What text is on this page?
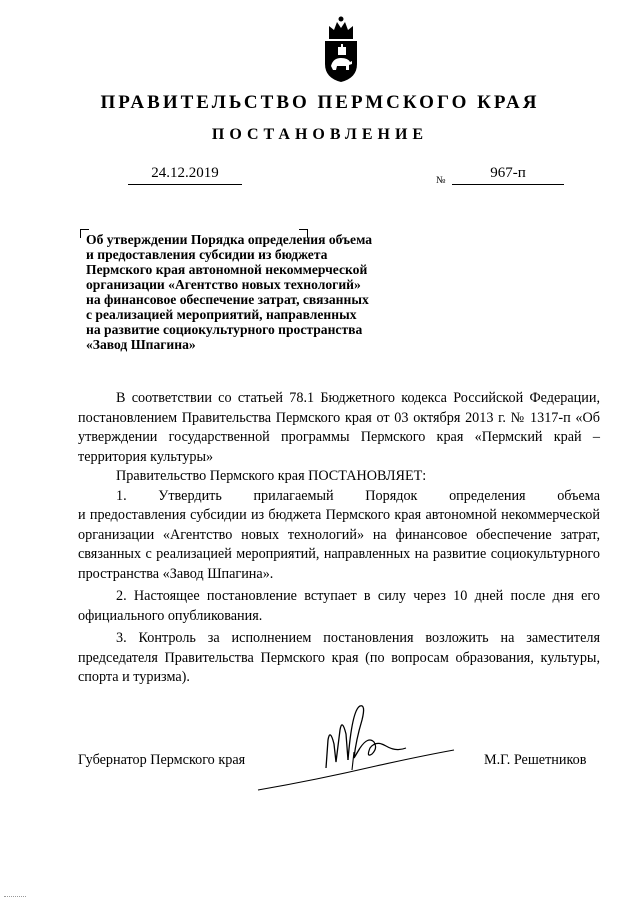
ПРАВИТЕЛЬСТВО ПЕРМСКОГО КРАЯ
ПОСТАНОВЛЕНИЕ
24.12.2019	№	967-п
Об утверждении Порядка определения объема
и предоставления субсидии из бюджета
Пермского края автономной некоммерческой
организации «Агентство новых технологий»
на финансовое обеспечение затрат, связанных
с реализацией мероприятий, направленных
на развитие социокультурного пространства
«Завод Шпагина»

В соответствии со статьей 78.1 Бюджетного кодекса Российской Федерации, постановлением Правительства Пермского края от 03 октября 2013 г. № 1317-п «Об утверждении государственной программы Пермского края «Пермский край – территория культуры»

Правительство Пермского края ПОСТАНОВЛЯЕТ:

1. Утвердить прилагаемый Порядок определения объема

и предоставления субсидии из бюджета Пермского края автономной некоммерческой организации «Агентство новых технологий» на финансовое обеспечение затрат, связанных с реализацией мероприятий, направленных на развитие социокультурного пространства «Завод Шпагина».

2. Настоящее постановление вступает в силу через 10 дней после дня его официального опубликования.

3. Контроль за исполнением постановления возложить на заместителя председателя Правительства Пермского края (по вопросам образования, культуры, спорта и туризма).

Губернатор Пермского края	М.Г. Решетников
